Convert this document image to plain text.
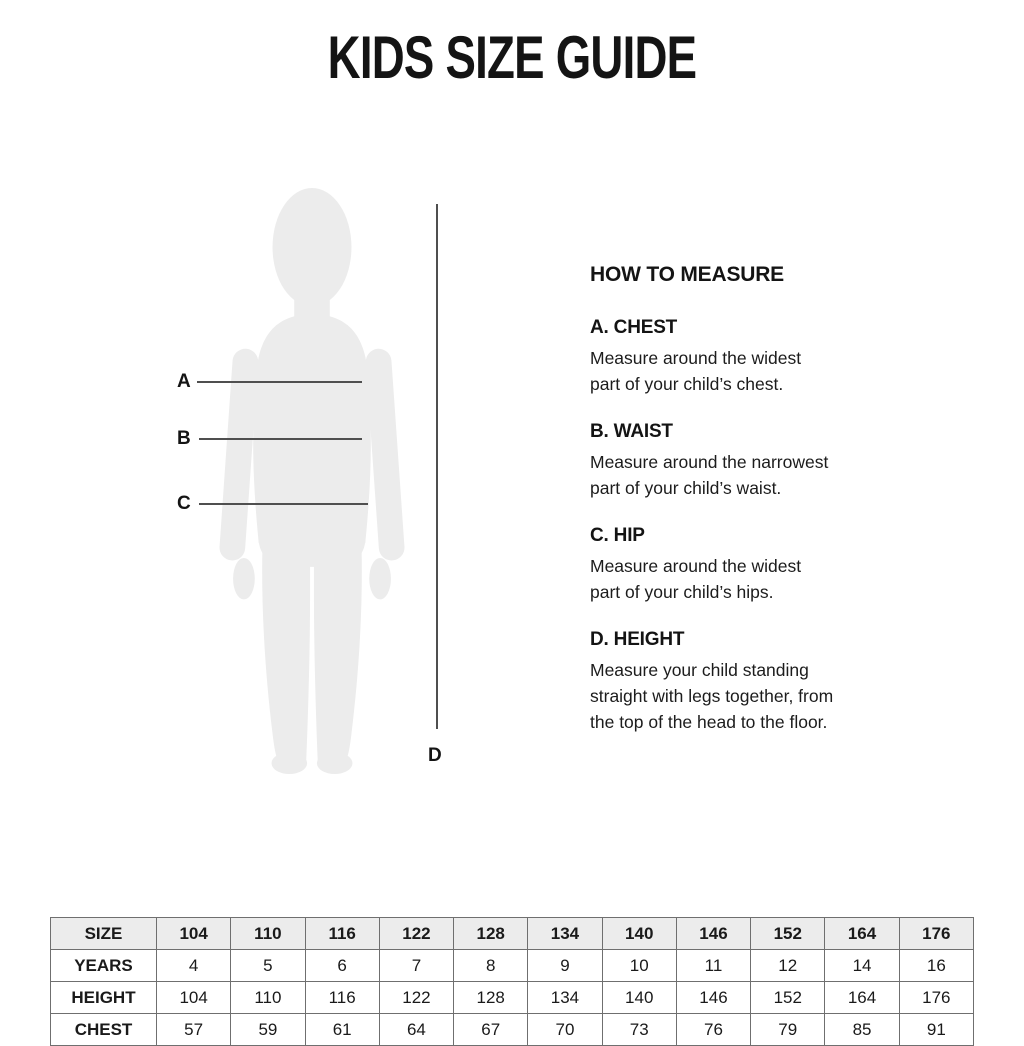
KIDS SIZE GUIDE
A
B
C
D
HOW TO MEASURE
A. CHEST

Measure around the widest

part of your child’s chest.

B. WAIST

Measure around the narrowest

part of your child’s waist.

C. HIP

Measure around the widest

part of your child’s hips.

D. HEIGHT

Measure your child standing

straight with legs together, from

the top of the head to the floor.

SIZE	104	110	116	122	128	134	140	146	152	164	176
YEARS	4	5	6	7	8	9	10	11	12	14	16
HEIGHT	104	110	116	122	128	134	140	146	152	164	176
CHEST	57	59	61	64	67	70	73	76	79	85	91
